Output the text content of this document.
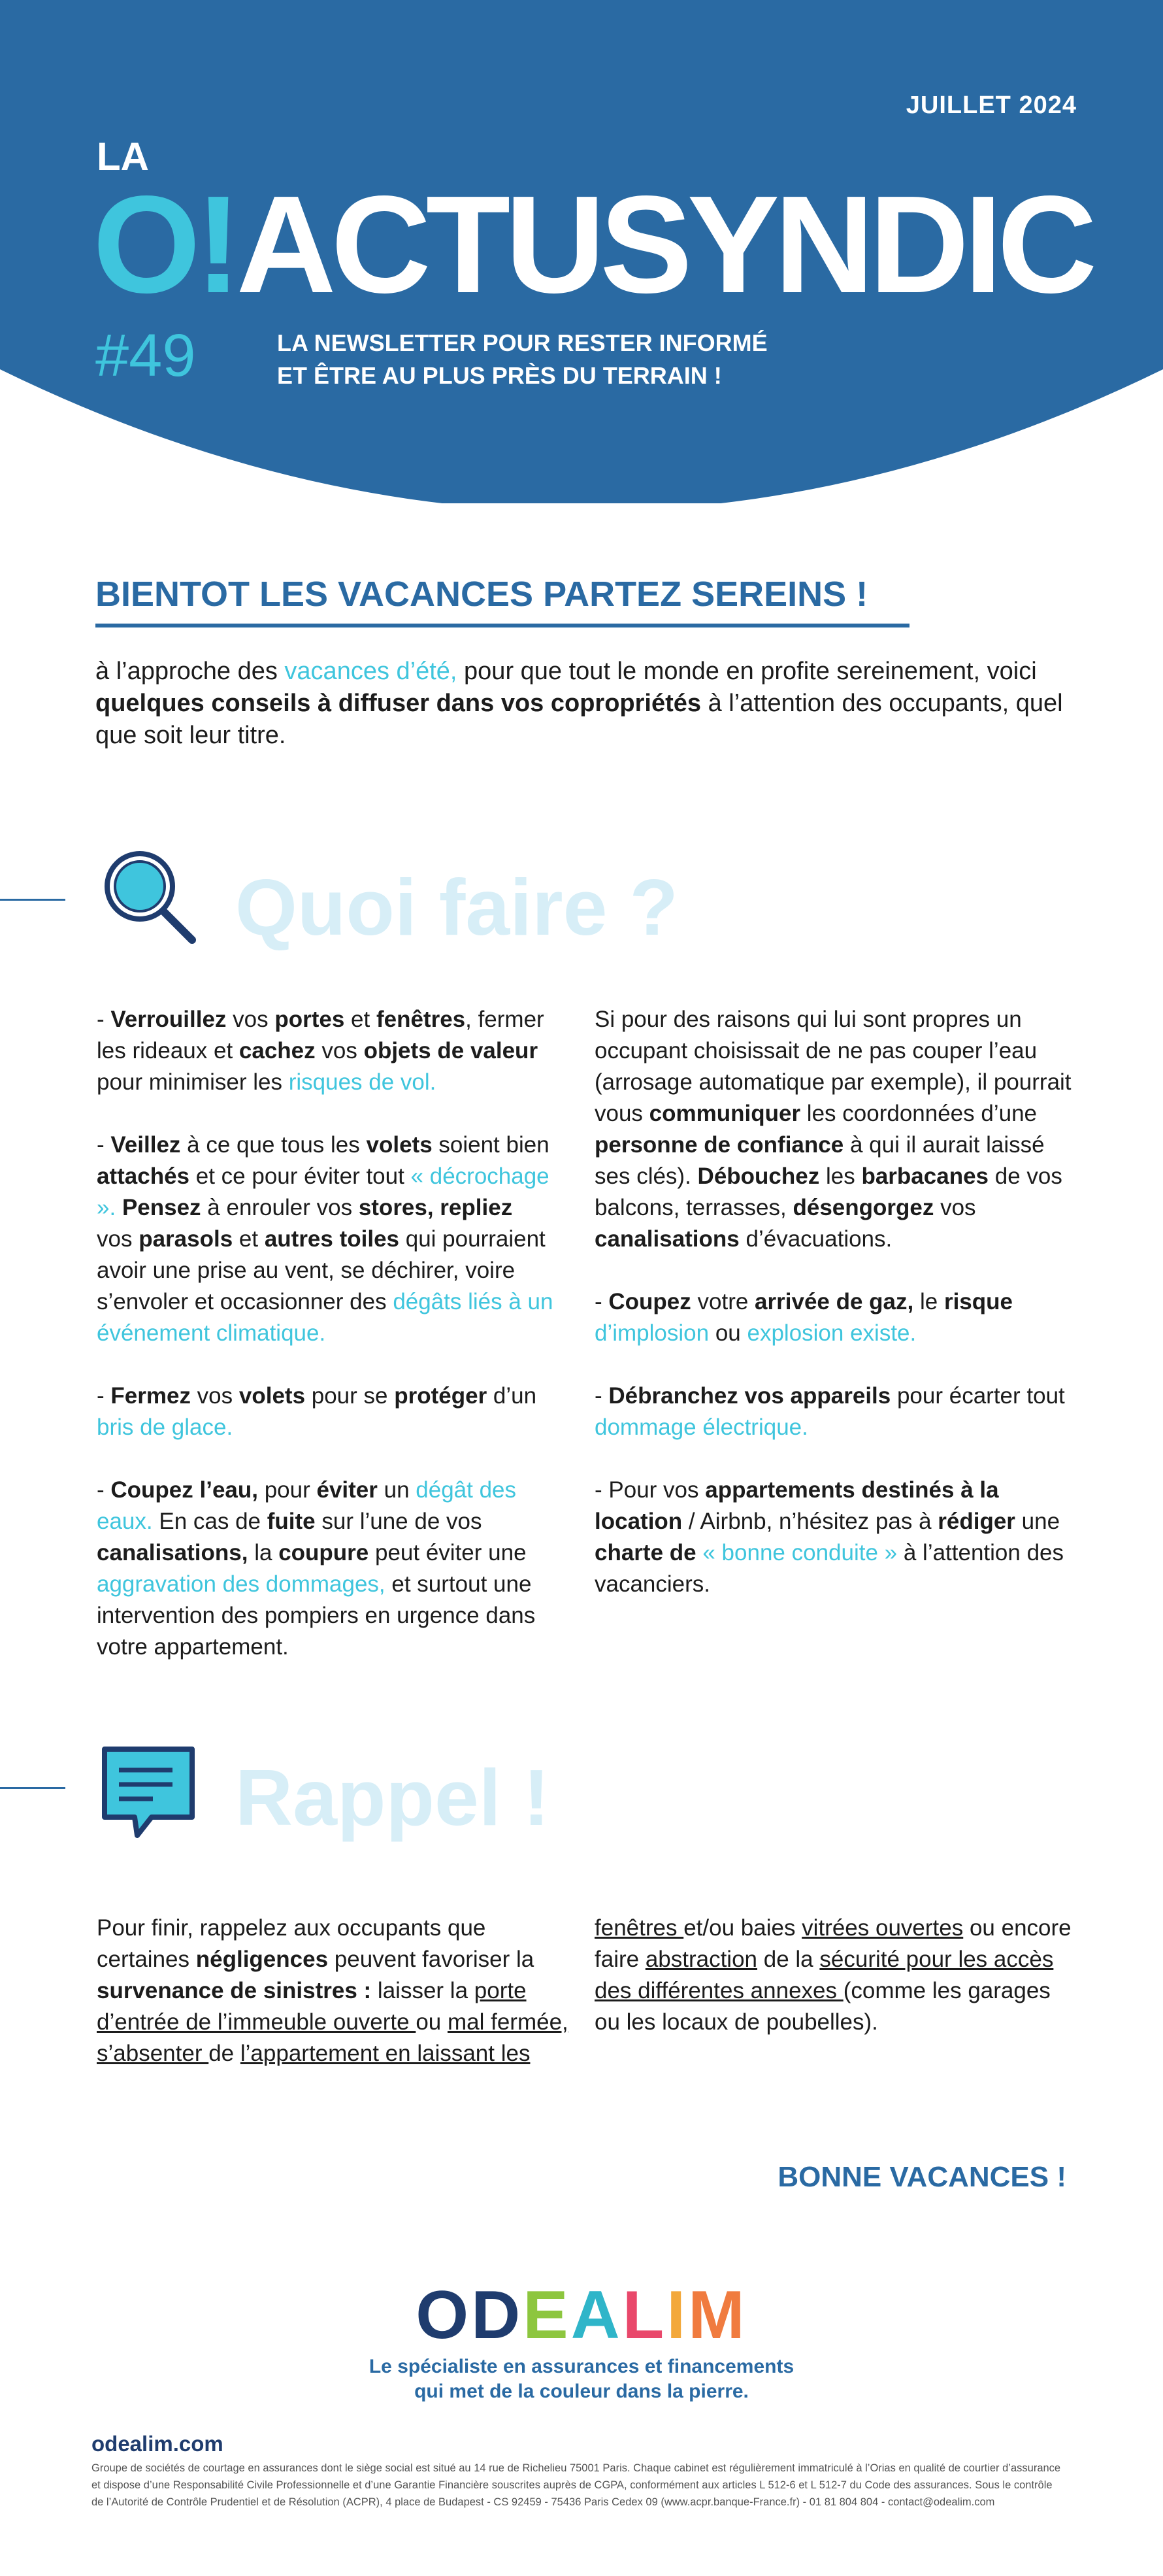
JUILLET 2024
LA
O!ACTUSYNDIC
#49	LA NEWSLETTER POUR RESTER INFORMÉ
ET ÊTRE AU PLUS PRÈS DU TERRAIN !
BIENTOT LES VACANCES PARTEZ SEREINS !
à l’approche des vacances d’été, pour que tout le monde en profite sereinement, voici quelques conseils à diffuser dans vos copropriétés à l’attention des occupants, quel que soit leur titre.
Quoi faire ?

- Verrouillez vos portes et fenêtres, fermer les rideaux et cachez vos objets de valeur pour minimiser les risques de vol.

- Veillez à ce que tous les volets soient bien attachés et ce pour éviter tout « décrochage ». Pensez à enrouler vos stores, repliez vos parasols et autres toiles qui pourraient avoir une prise au vent, se déchirer, voire s’envoler et occasionner des dégâts liés à un événement climatique.

- Fermez vos volets pour se protéger d’un bris de glace.

- Coupez l’eau, pour éviter un dégât des eaux. En cas de fuite sur l’une de vos canalisations, la coupure peut éviter une aggravation des dommages, et surtout une intervention des pompiers en urgence dans votre appartement.

Si pour des raisons qui lui sont propres un occupant choisissait de ne pas couper l’eau (arrosage automatique par exemple), il pourrait vous communiquer les coordonnées d’une personne de confiance à qui il aurait laissé ses clés). Débouchez les barbacanes de vos balcons, terrasses, désengorgez vos canalisations d’évacuations.

- Coupez votre arrivée de gaz, le risque d’implosion ou explosion existe.

- Débranchez vos appareils pour écarter tout dommage électrique.

- Pour vos appartements destinés à la location / Airbnb, n’hésitez pas à rédiger une charte de « bonne conduite » à l’attention des vacanciers.

Rappel !

Pour finir, rappelez aux occupants que certaines négligences peuvent favoriser la survenance de sinistres : laisser la porte d’entrée de l’immeuble ouverte ou mal fermée, s’absenter de l’appartement en laissant les

fenêtres et/ou baies vitrées ouvertes ou encore faire abstraction de la sécurité pour les accès des différentes annexes (comme les garages ou les locaux de poubelles).

BONNE VACANCES !
ODEALIM
Le spécialiste en assurances et financements
qui met de la couleur dans la pierre.
odealim.com
Groupe de sociétés de courtage en assurances dont le siège social est situé au 14 rue de Richelieu 75001 Paris. Chaque cabinet est régulièrement immatriculé à l’Orias en qualité de courtier d’assurance et dispose d’une Responsabilité Civile Professionnelle et d’une Garantie Financière souscrites auprès de CGPA, conformément aux articles L 512-6 et L 512-7 du Code des assurances. Sous le contrôle de l’Autorité de Contrôle Prudentiel et de Résolution (ACPR), 4 place de Budapest - CS 92459 - 75436 Paris Cedex 09 (www.acpr.banque-France.fr) - 01 81 804 804 - contact@odealim.com
